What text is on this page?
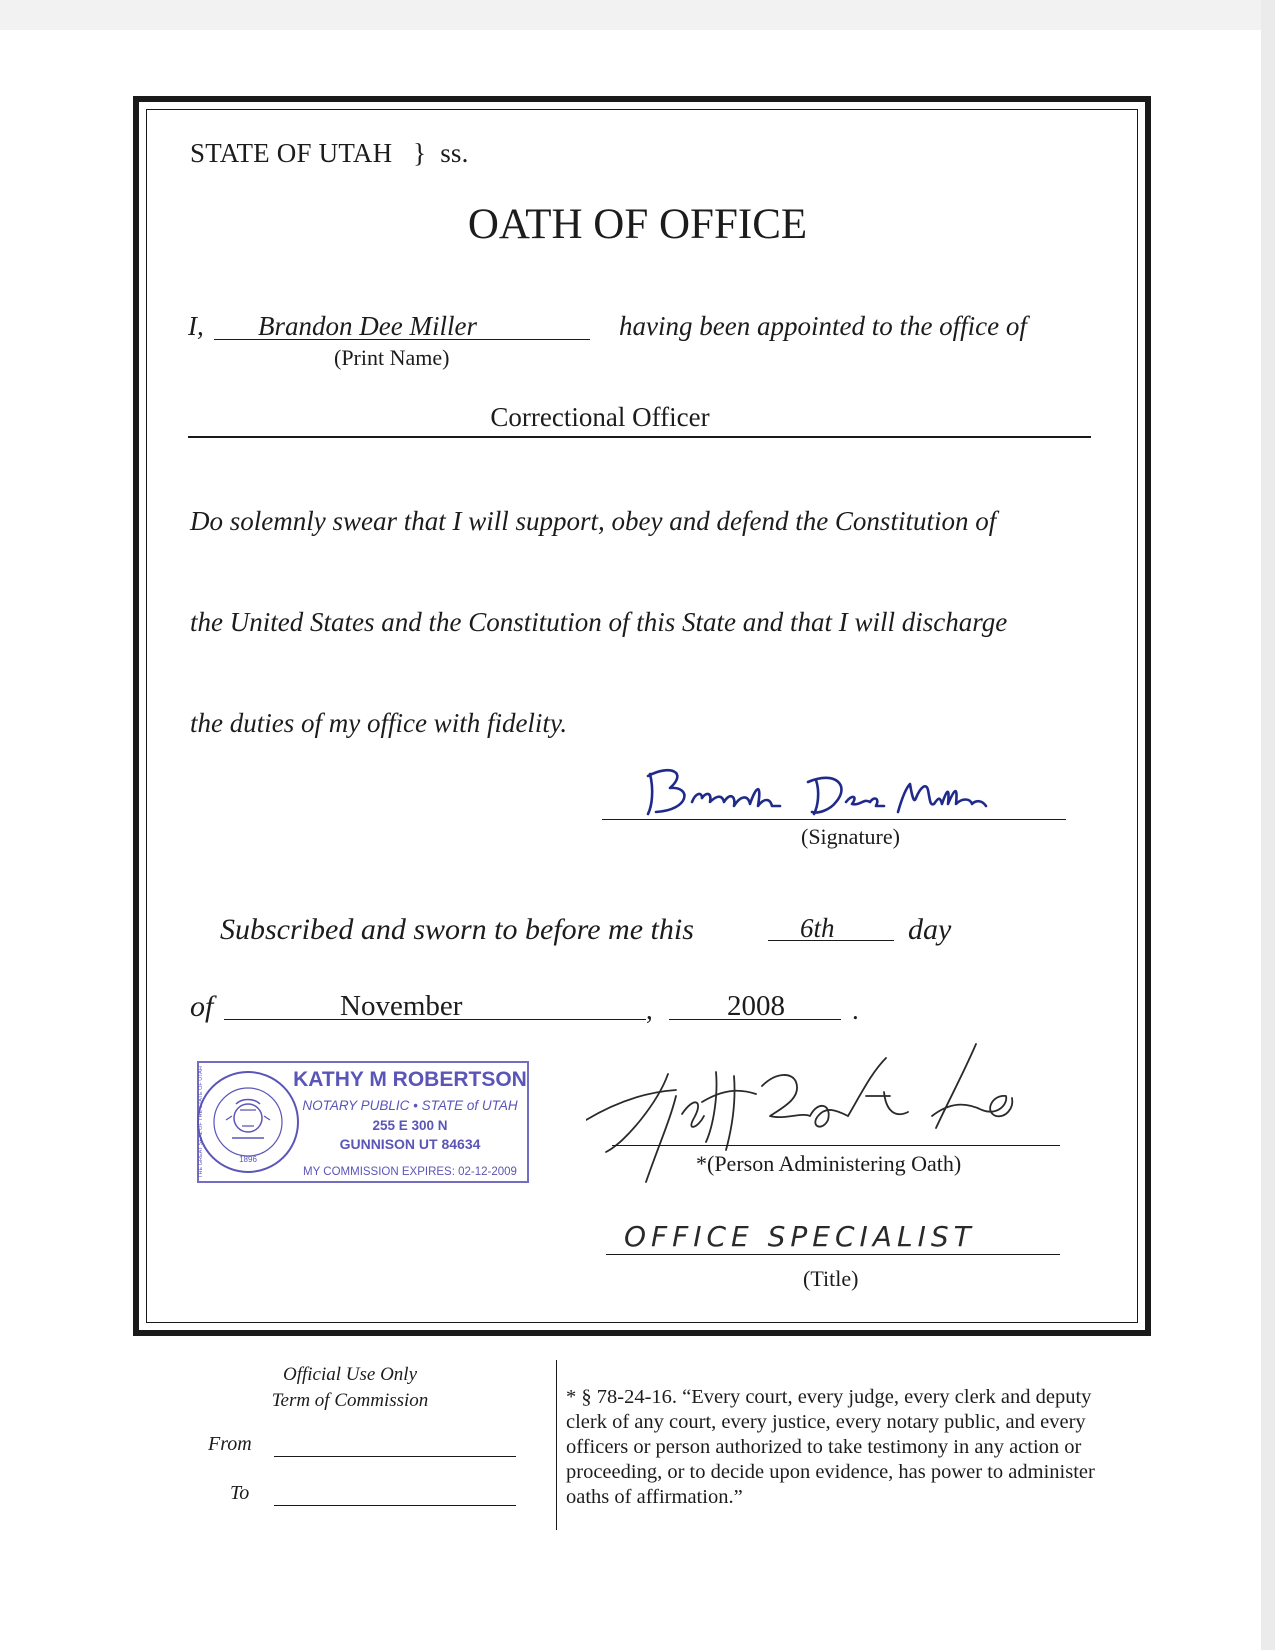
STATE OF UTAH } ss.
OATH OF OFFICE
I, Brandon Dee Miller
(Print Name)
having been appointed to the office of
Correctional Officer
Do solemnly swear that I will support, obey and defend the Constitution of
the United States and the Constitution of this State and that I will discharge
the duties of my office with fidelity.
(Signature)
Subscribed and sworn to before me this	6th day
of	November	,	2008 .
1896
THE GREAT SEAL OF THE STATE OF UTAH	KATHY M ROBERTSON
NOTARY PUBLIC • STATE of UTAH
255 E 300 N
GUNNISON UT 84634
MY COMMISSION EXPIRES: 02-12-2009	*(Person Administering Oath)
OFFICE SPECIALIST
(Title)
Official Use Only
Term of Commission
From
To
* § 78-24-16. “Every court, every judge, every clerk and deputy clerk of any court, every justice, every notary public, and every officers or person authorized to take testimony in any action or proceeding, or to decide upon evidence, has power to administer oaths of affirmation.”
